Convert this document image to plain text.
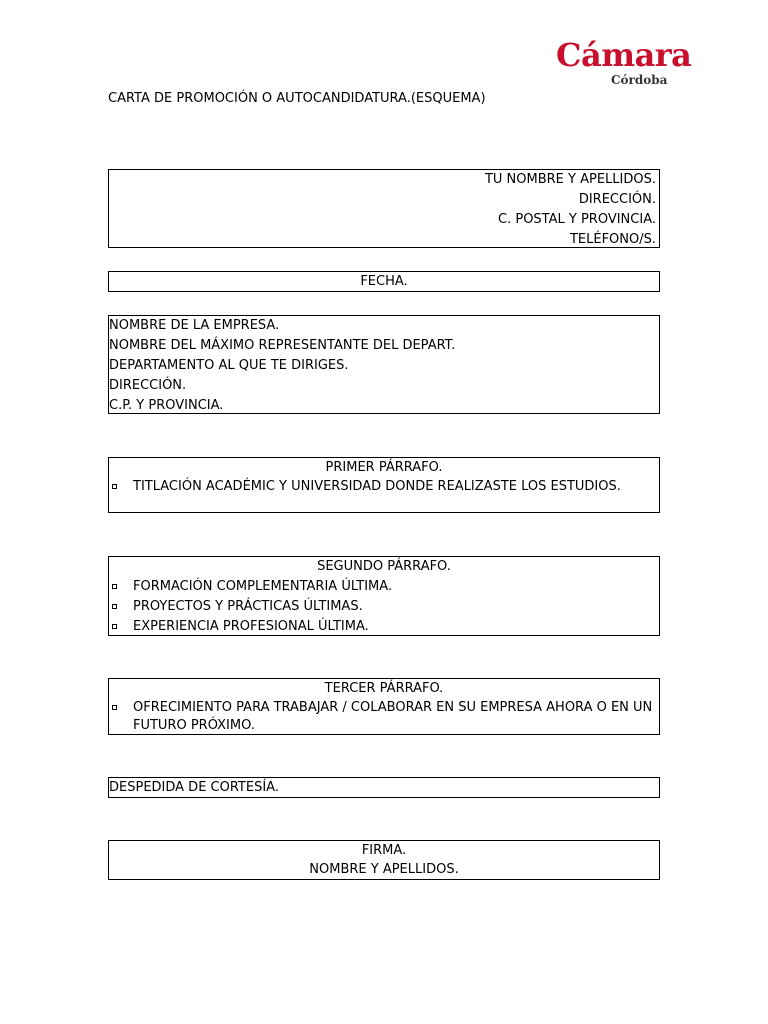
Cámara
Córdoba
CARTA DE PROMOCIÓN O AUTOCANDIDATURA.(ESQUEMA)
TU NOMBRE Y APELLIDOS.
DIRECCIÓN.
C. POSTAL Y PROVINCIA.
TELÉFONO/S.
FECHA.
NOMBRE DE LA EMPRESA.
NOMBRE DEL MÁXIMO REPRESENTANTE DEL DEPART.
DEPARTAMENTO AL QUE TE DIRIGES.
DIRECCIÓN.
C.P. Y PROVINCIA.
PRIMER PÁRRAFO.
TITLACIÓN ACADÉMIC Y UNIVERSIDAD DONDE REALIZASTE LOS ESTUDIOS.
SEGUNDO PÁRRAFO.
FORMACIÓN COMPLEMENTARIA ÚLTIMA.
PROYECTOS Y PRÁCTICAS ÚLTIMAS.
EXPERIENCIA PROFESIONAL ÚLTIMA.
TERCER PÁRRAFO.
OFRECIMIENTO PARA TRABAJAR / COLABORAR EN SU EMPRESA AHORA O EN UN FUTURO PRÓXIMO.
DESPEDIDA DE CORTESÍA.
FIRMA.
NOMBRE Y APELLIDOS.
